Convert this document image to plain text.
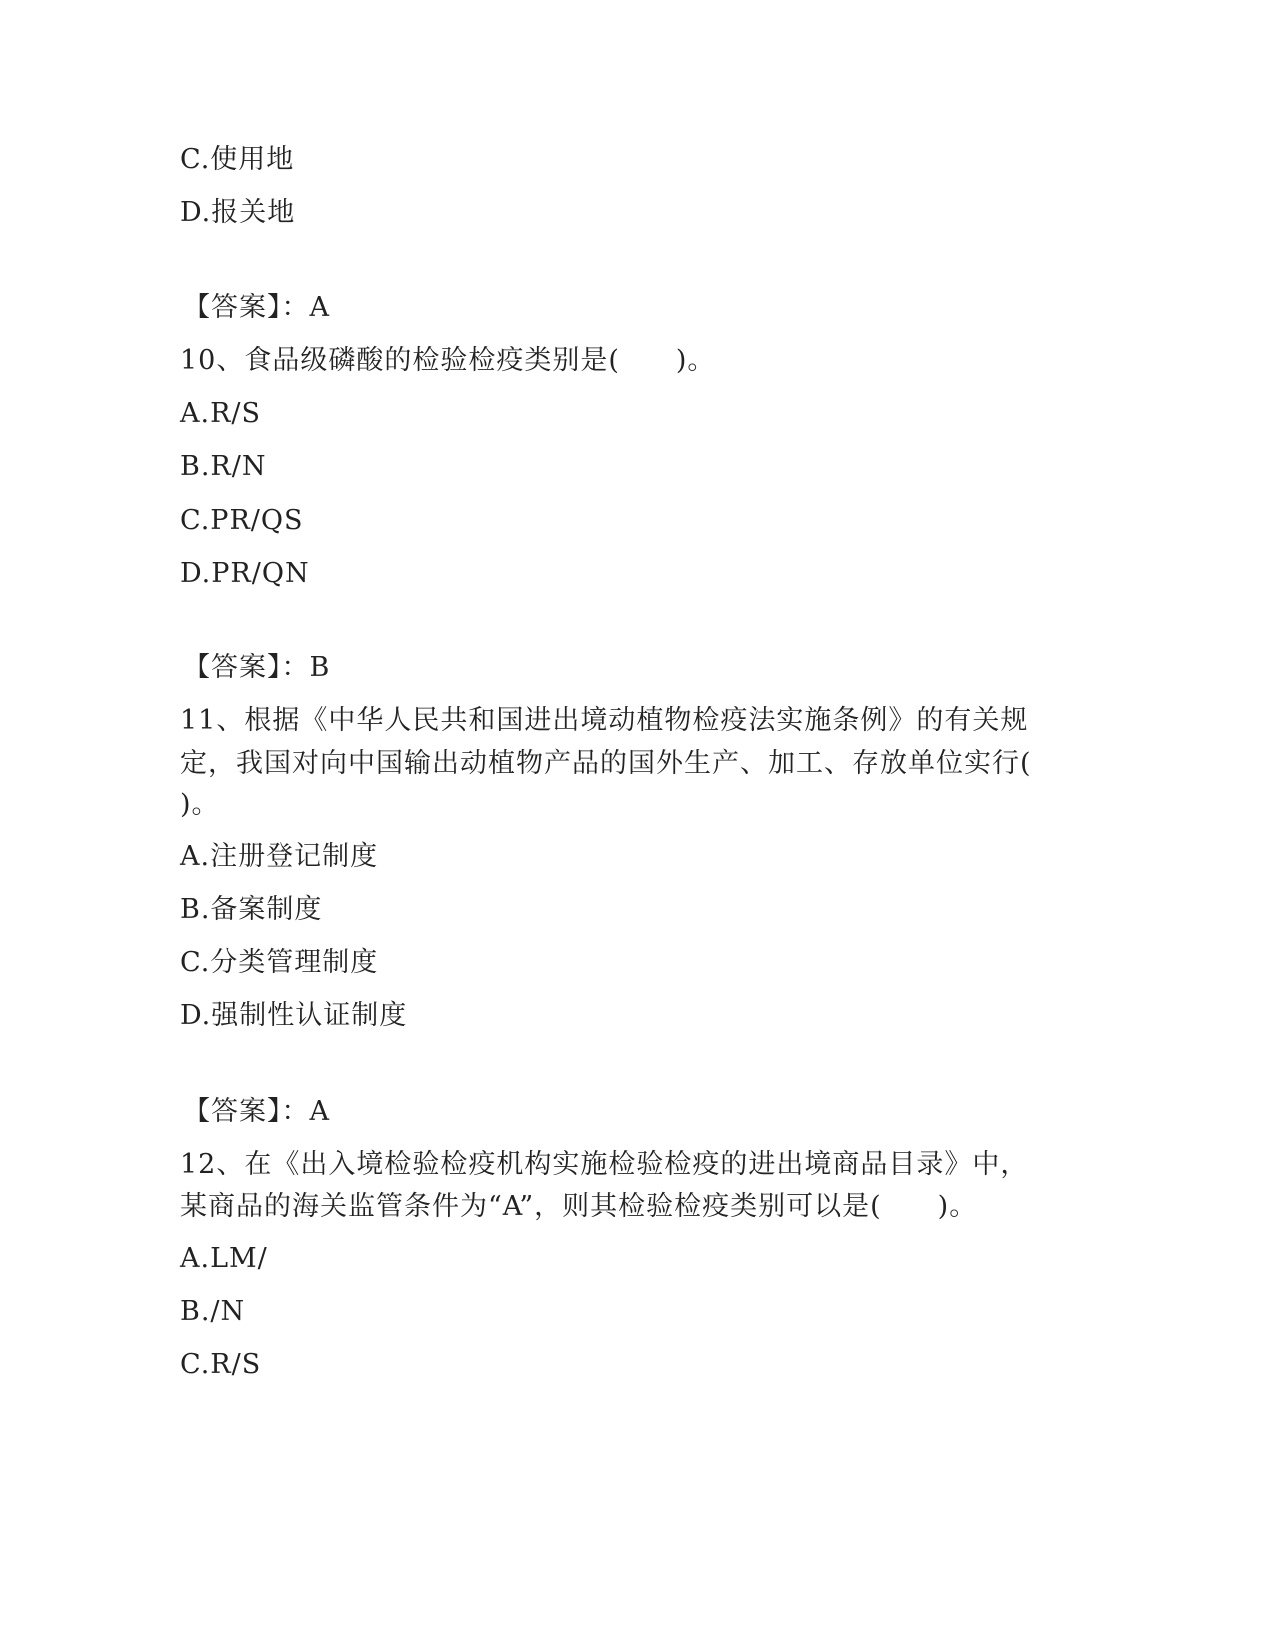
C.使用地
D.报关地
【答案】：A
10、食品级磷酸的检验检疫类别是(　　)。
A.R/S
B.R/N
C.PR/QS
D.PR/QN
【答案】：B
11、根据《中华人民共和国进出境动植物检疫法实施条例》的有关规
定，我国对向中国输出动植物产品的国外生产、加工、存放单位实行(
)。
A.注册登记制度
B.备案制度
C.分类管理制度
D.强制性认证制度
【答案】：A
12、在《出入境检验检疫机构实施检验检疫的进出境商品目录》中，
某商品的海关监管条件为“A”，则其检验检疫类别可以是(　　)。
A.LM/
B./N
C.R/S
